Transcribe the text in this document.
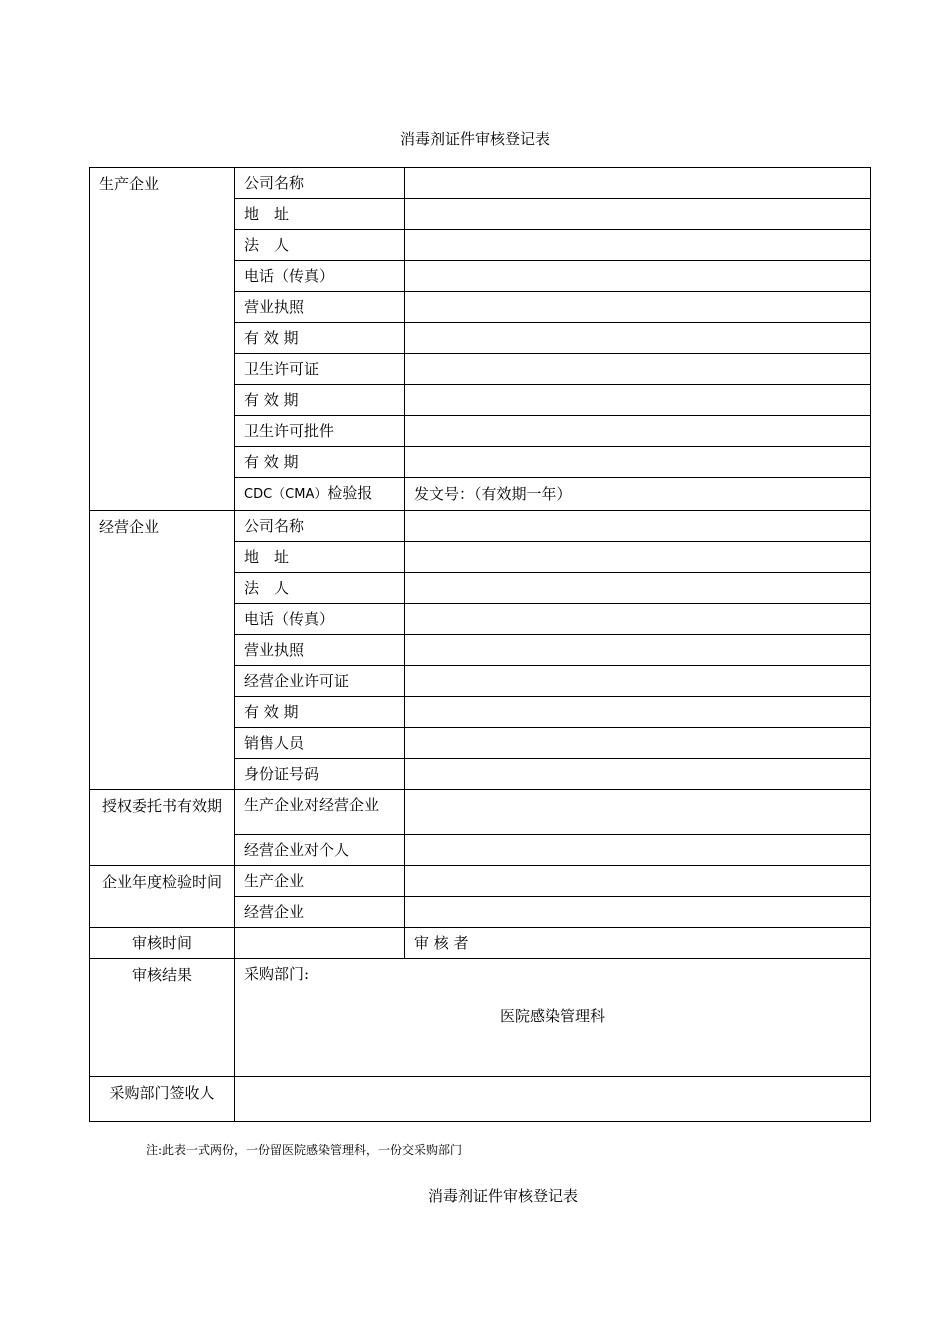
消毒剂证件审核登记表
生产企业	公司名称	
	地　址	
	法　人	
	电话（传真）	
	营业执照	
	有 效 期	
	卫生许可证	
	有 效 期	
	卫生许可批件	
	有 效 期	
	CDC（CMA）检验报	发文号：（有效期一年）
经营企业	公司名称	
	地　址	
	法　人	
	电话（传真）	
	营业执照	
	经营企业许可证	
	有 效 期	
	销售人员	
	身份证号码	
授权委托书有效期	生产企业对经营企业	
	经营企业对个人	
企业年度检验时间	生产企业	
	经营企业	
审核时间		审 核 者
审核结果	采购部门:
医院感染管理科	

采购部门签收人		
注:此表一式两份，一份留医院感染管理科，一份交采购部门
消毒剂证件审核登记表
